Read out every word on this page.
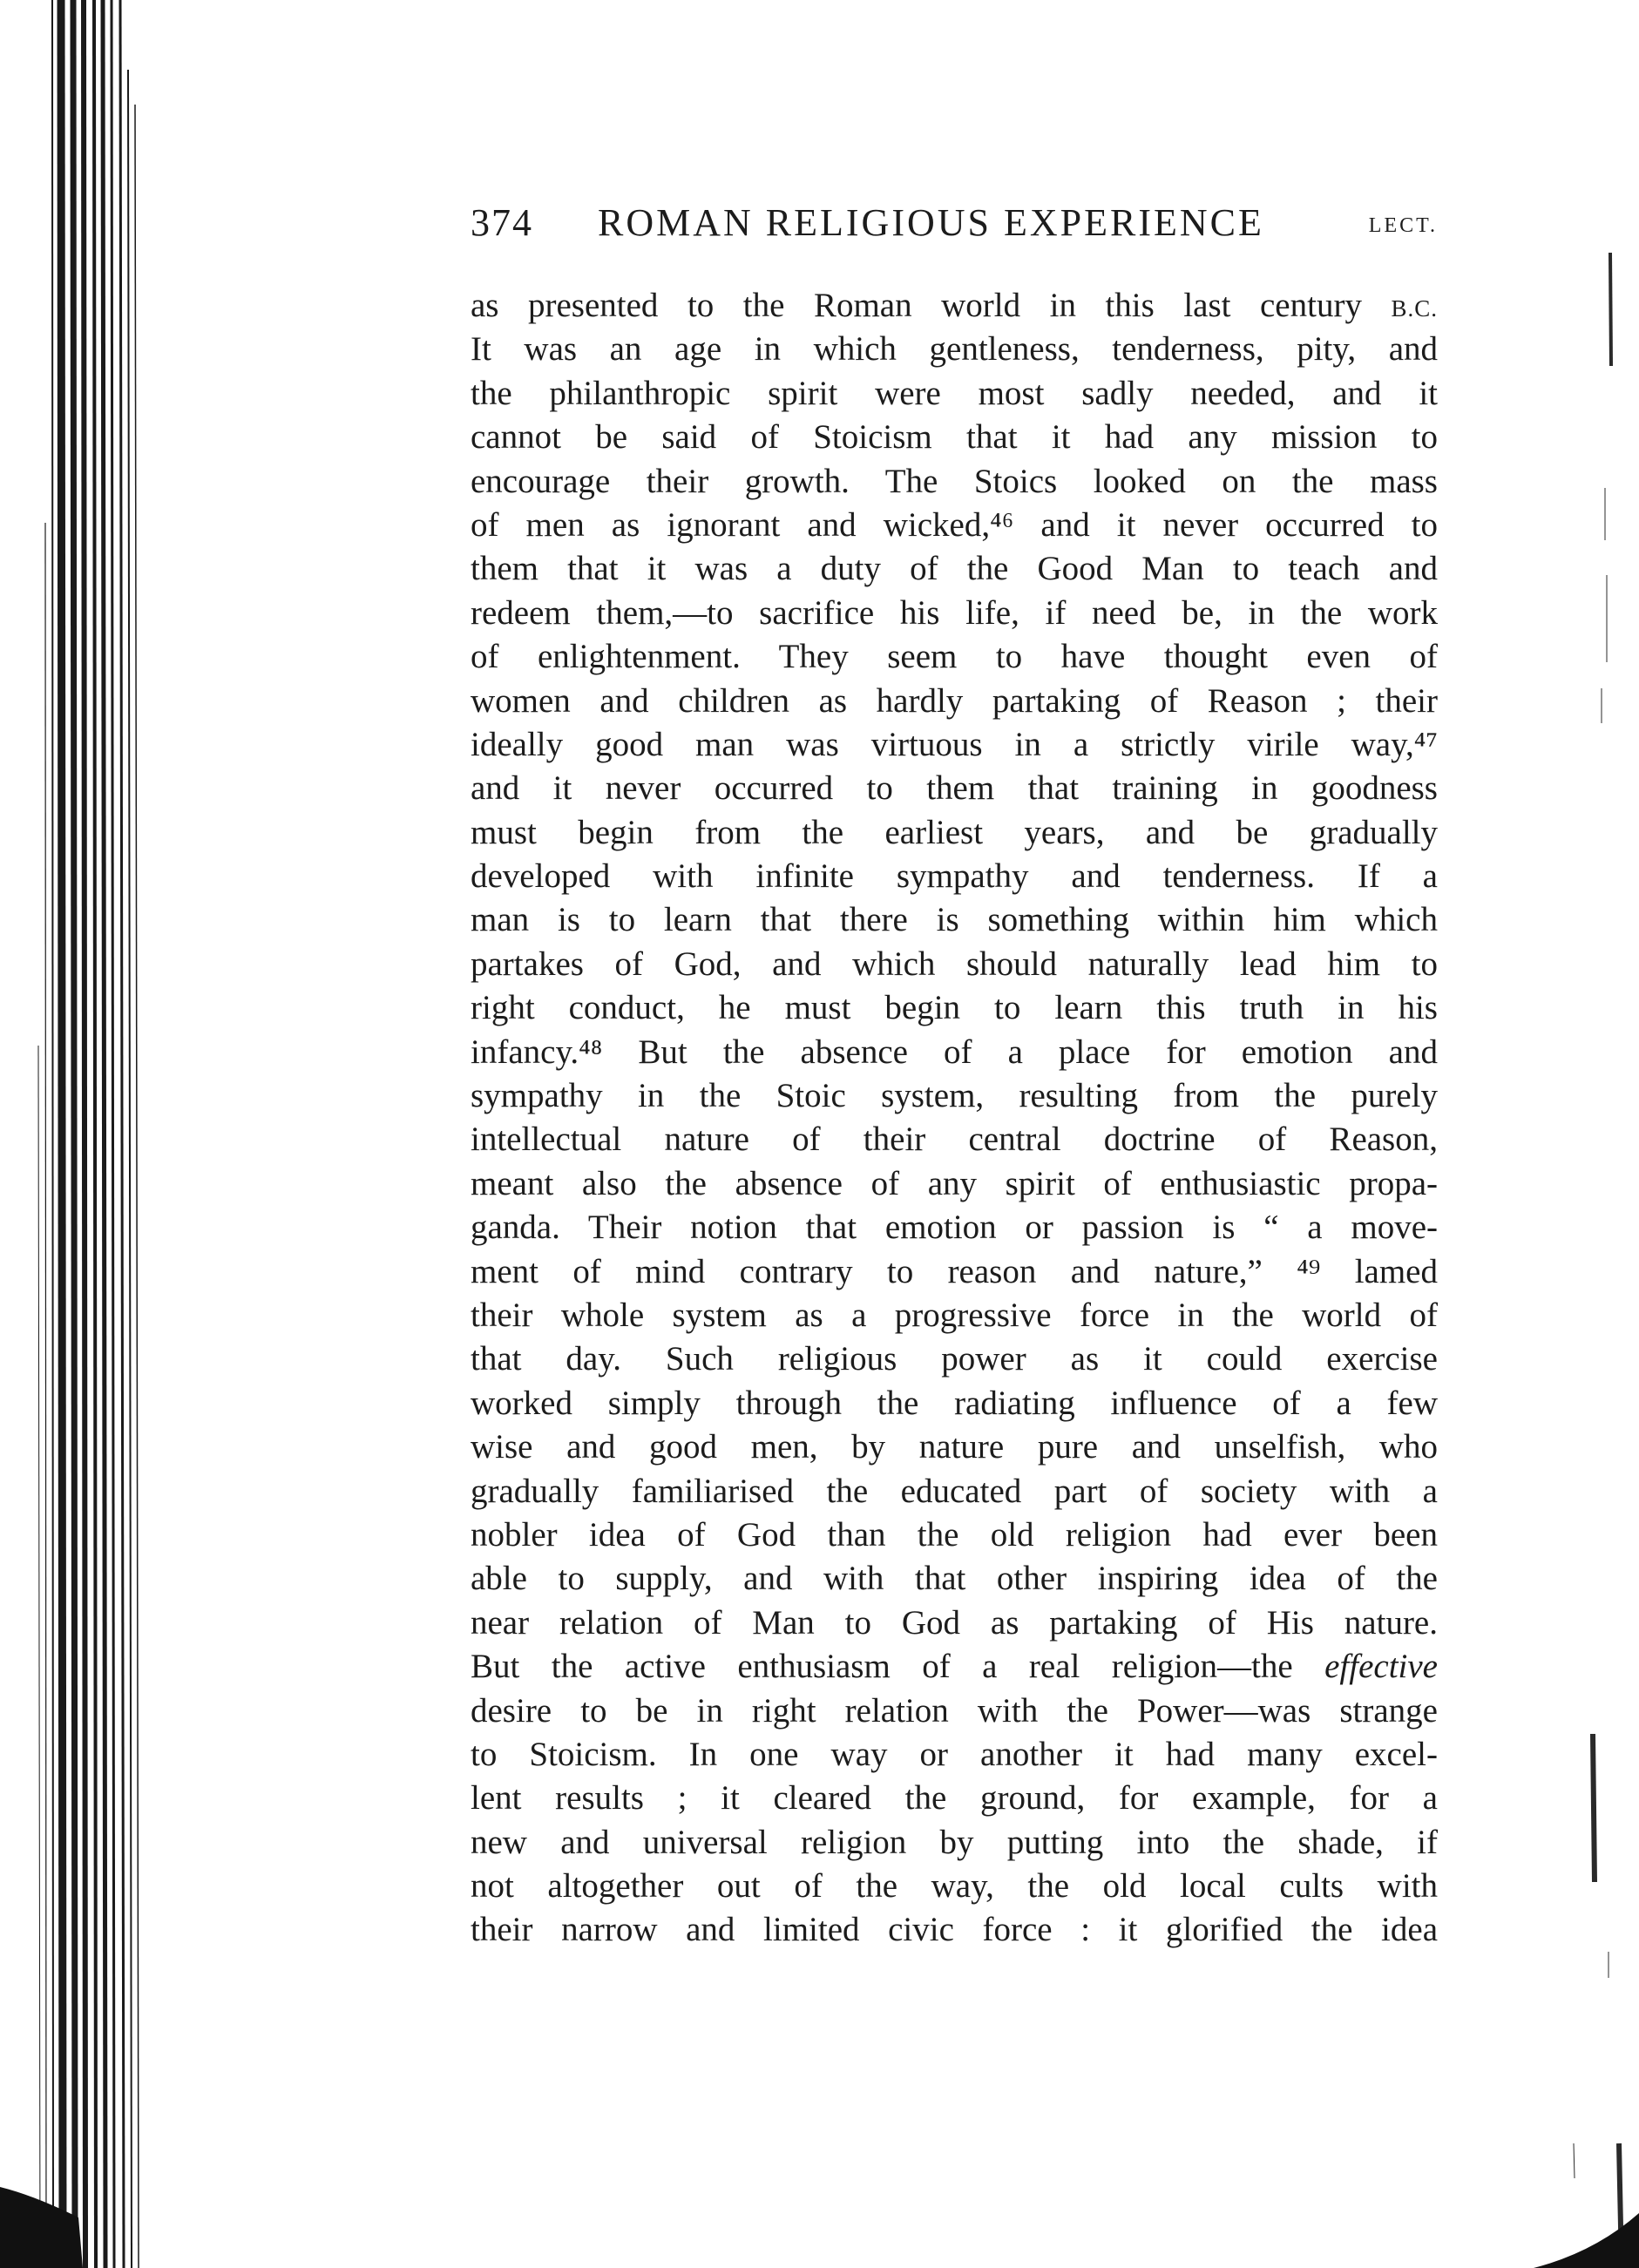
374 ROMAN RELIGIOUS EXPERIENCE	LECT.
as presented to the Roman world in this last century B.C.
It was an age in which gentleness, tenderness, pity, and
the philanthropic spirit were most sadly needed, and it
cannot be said of Stoicism that it had any mission to
encourage their growth. The Stoics looked on the mass
of men as ignorant and wicked,⁴⁶ and it never occurred to
them that it was a duty of the Good Man to teach and
redeem them,—to sacrifice his life, if need be, in the work
of enlightenment. They seem to have thought even of
women and children as hardly partaking of Reason ; their
ideally good man was virtuous in a strictly virile way,⁴⁷
and it never occurred to them that training in goodness
must begin from the earliest years, and be gradually
developed with infinite sympathy and tenderness. If a
man is to learn that there is something within him which
partakes of God, and which should naturally lead him to
right conduct, he must begin to learn this truth in his
infancy.⁴⁸ But the absence of a place for emotion and
sympathy in the Stoic system, resulting from the purely
intellectual nature of their central doctrine of Reason,
meant also the absence of any spirit of enthusiastic propa-
ganda. Their notion that emotion or passion is “ a move-
ment of mind contrary to reason and nature,” ⁴⁹ lamed
their whole system as a progressive force in the world of
that day. Such religious power as it could exercise
worked simply through the radiating influence of a few
wise and good men, by nature pure and unselfish, who
gradually familiarised the educated part of society with a
nobler idea of God than the old religion had ever been
able to supply, and with that other inspiring idea of the
near relation of Man to God as partaking of His nature.
But the active enthusiasm of a real religion—the effective
desire to be in right relation with the Power—was strange
to Stoicism. In one way or another it had many excel-
lent results ; it cleared the ground, for example, for a
new and universal religion by putting into the shade, if
not altogether out of the way, the old local cults with
their narrow and limited civic force : it glorified the idea
